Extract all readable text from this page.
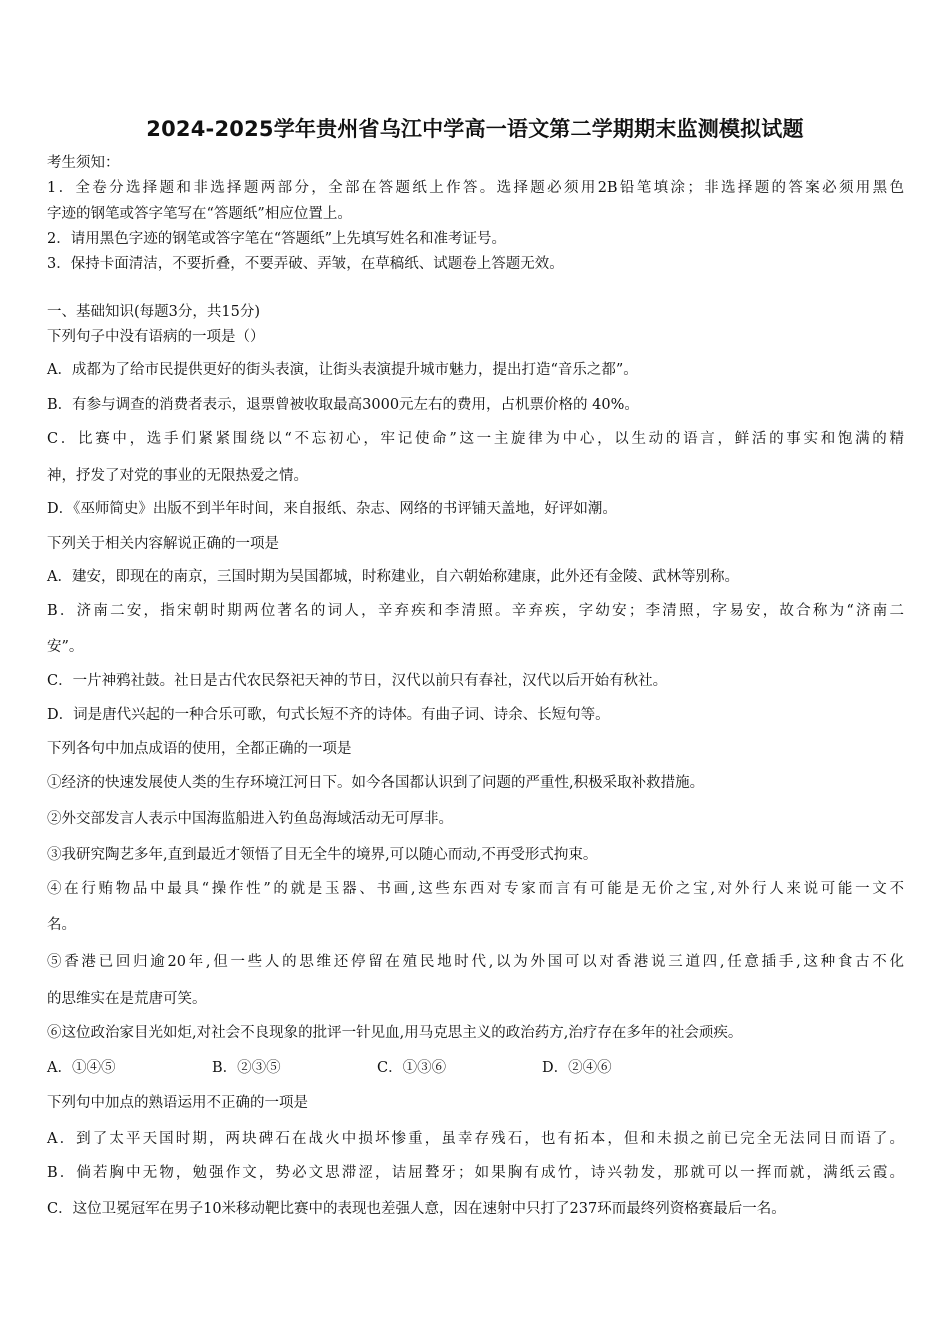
2024-2025学年贵州省乌江中学高一语文第二学期期末监测模拟试题
考生须知：
1．全卷分选择题和非选择题两部分，全部在答题纸上作答。选择题必须用2B铅笔填涂；非选择题的答案必须用黑色
字迹的钢笔或答字笔写在“答题纸”相应位置上。
2．请用黑色字迹的钢笔或答字笔在“答题纸”上先填写姓名和准考证号。
3．保持卡面清洁，不要折叠，不要弄破、弄皱，在草稿纸、试题卷上答题无效。
一、基础知识(每题3分，共15分)
下列句子中没有语病的一项是（）
A．成都为了给市民提供更好的街头表演，让街头表演提升城市魅力，提出打造“音乐之都”。
B．有参与调查的消费者表示，退票曾被收取最高3000元左右的费用，占机票价格的 40%。
C．比赛中，选手们紧紧围绕以“不忘初心，牢记使命”这一主旋律为中心，以生动的语言，鲜活的事实和饱满的精
神，抒发了对党的事业的无限热爱之情。
D．《巫师简史》出版不到半年时间，来自报纸、杂志、网络的书评铺天盖地，好评如潮。
下列关于相关内容解说正确的一项是
A．建安，即现在的南京，三国时期为吴国都城，时称建业，自六朝始称建康，此外还有金陵、武林等别称。
B．济南二安，指宋朝时期两位著名的词人，辛弃疾和李清照。辛弃疾，字幼安；李清照，字易安，故合称为“济南二
安”。
C．一片神鸦社鼓。社日是古代农民祭祀天神的节日，汉代以前只有春社，汉代以后开始有秋社。
D．词是唐代兴起的一种合乐可歌，句式长短不齐的诗体。有曲子词、诗余、长短句等。
下列各句中加点成语的使用，全都正确的一项是
①经济的快速发展使人类的生存环境江河日下。如今各国都认识到了问题的严重性,积极采取补救措施。
②外交部发言人表示中国海监船进入钓鱼岛海域活动无可厚非。
③我研究陶艺多年,直到最近才领悟了目无全牛的境界,可以随心而动,不再受形式拘束。
④在行贿物品中最具“操作性”的就是玉器、书画,这些东西对专家而言有可能是无价之宝,对外行人来说可能一文不
名。
⑤香港已回归逾20年,但一些人的思维还停留在殖民地时代,以为外国可以对香港说三道四,任意插手,这种食古不化
的思维实在是荒唐可笑。
⑥这位政治家目光如炬,对社会不良现象的批评一针见血,用马克思主义的政治药方,治疗存在多年的社会顽疾。
A．①④⑤	B．②③⑤	C．①③⑥	D．②④⑥
下列句中加点的熟语运用不正确的一项是
A．到了太平天国时期，两块碑石在战火中损坏惨重，虽幸存残石，也有拓本，但和未损之前已完全无法同日而语了。
B．倘若胸中无物，勉强作文，势必文思滞涩，诘屈聱牙；如果胸有成竹，诗兴勃发，那就可以一挥而就，满纸云霞。
C．这位卫冕冠军在男子10米移动靶比赛中的表现也差强人意，因在速射中只打了237环而最终列资格赛最后一名。
